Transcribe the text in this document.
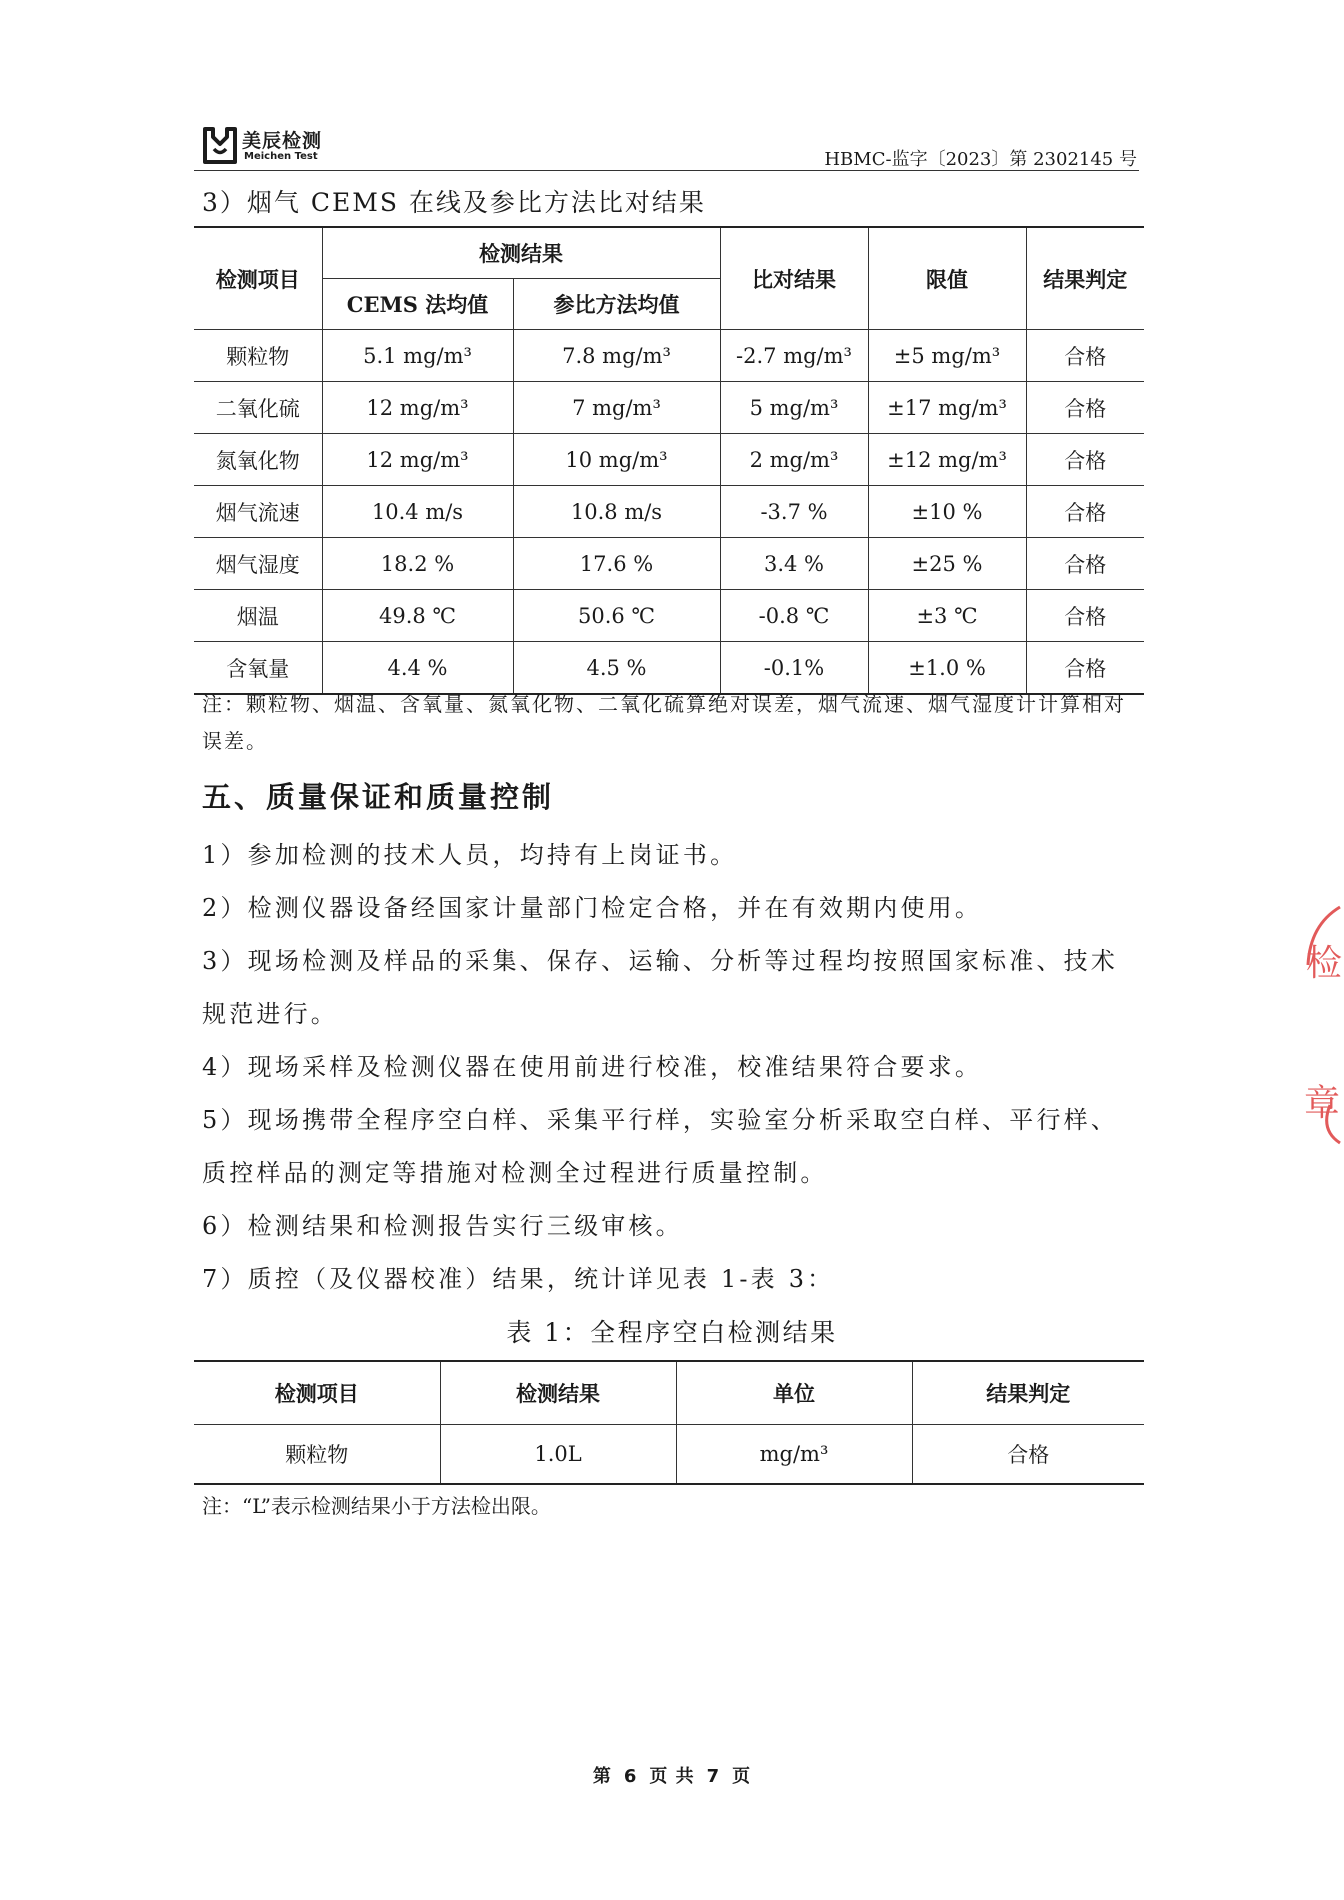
美辰检测
Meichen Test	HBMC-监字〔2023〕第 2302145 号
3）烟气 CEMS 在线及参比方法比对结果
检测项目	检测结果		比对结果	限值	结果判定
	CEMS 法均值	参比方法均值			
颗粒物	5.1 mg/m³	7.8 mg/m³	-2.7 mg/m³	±5 mg/m³	合格
二氧化硫	12 mg/m³	7 mg/m³	5 mg/m³	±17 mg/m³	合格
氮氧化物	12 mg/m³	10 mg/m³	2 mg/m³	±12 mg/m³	合格
烟气流速	10.4 m/s	10.8 m/s	-3.7 %	±10 %	合格
烟气湿度	18.2 %	17.6 %	3.4 %	±25 %	合格
烟温	49.8 ℃	50.6 ℃	-0.8 ℃	±3 ℃	合格
含氧量	4.4 %	4.5 %	-0.1%	±1.0 %	合格
注：颗粒物、烟温、含氧量、氮氧化物、二氧化硫算绝对误差，烟气流速、烟气湿度计计算相对误差。
五、质量保证和质量控制
1）参加检测的技术人员，均持有上岗证书。
2）检测仪器设备经国家计量部门检定合格，并在有效期内使用。
3）现场检测及样品的采集、保存、运输、分析等过程均按照国家标准、技术规范进行。
4）现场采样及检测仪器在使用前进行校准，校准结果符合要求。
5）现场携带全程序空白样、采集平行样，实验室分析采取空白样、平行样、质控样品的测定等措施对检测全过程进行质量控制。
6）检测结果和检测报告实行三级审核。
7）质控（及仪器校准）结果，统计详见表 1-表 3：
表 1：全程序空白检测结果
检测项目	检测结果	单位	结果判定
颗粒物	1.0L	mg/m³	合格
注：“L”表示检测结果小于方法检出限。
第 6 页 共 7 页
检
章
